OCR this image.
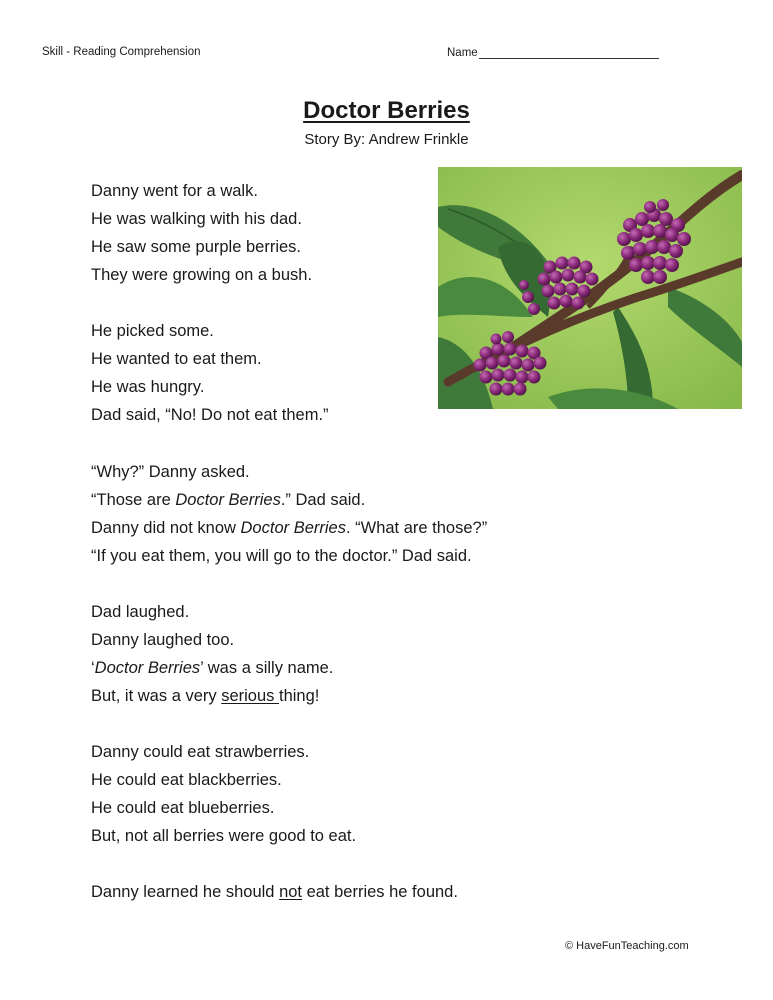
Skill - Reading Comprehension	Name
Doctor Berries
Story By: Andrew Frinkle
Danny went for a walk.
He was walking with his dad.
He saw some purple berries.
They were growing on a bush.
He picked some.
He wanted to eat them.
He was hungry.
Dad said, “No! Do not eat them.”
“Why?” Danny asked.
“Those are Doctor Berries.” Dad said.
Danny did not know Doctor Berries. “What are those?”
“If you eat them, you will go to the doctor.” Dad said.
Dad laughed.
Danny laughed too.
‘Doctor Berries’ was a silly name.
But, it was a very serious thing!
Danny could eat strawberries.
He could eat blackberries.
He could eat blueberries.
But, not all berries were good to eat.
Danny learned he should not eat berries he found.
© HaveFunTeaching.com
